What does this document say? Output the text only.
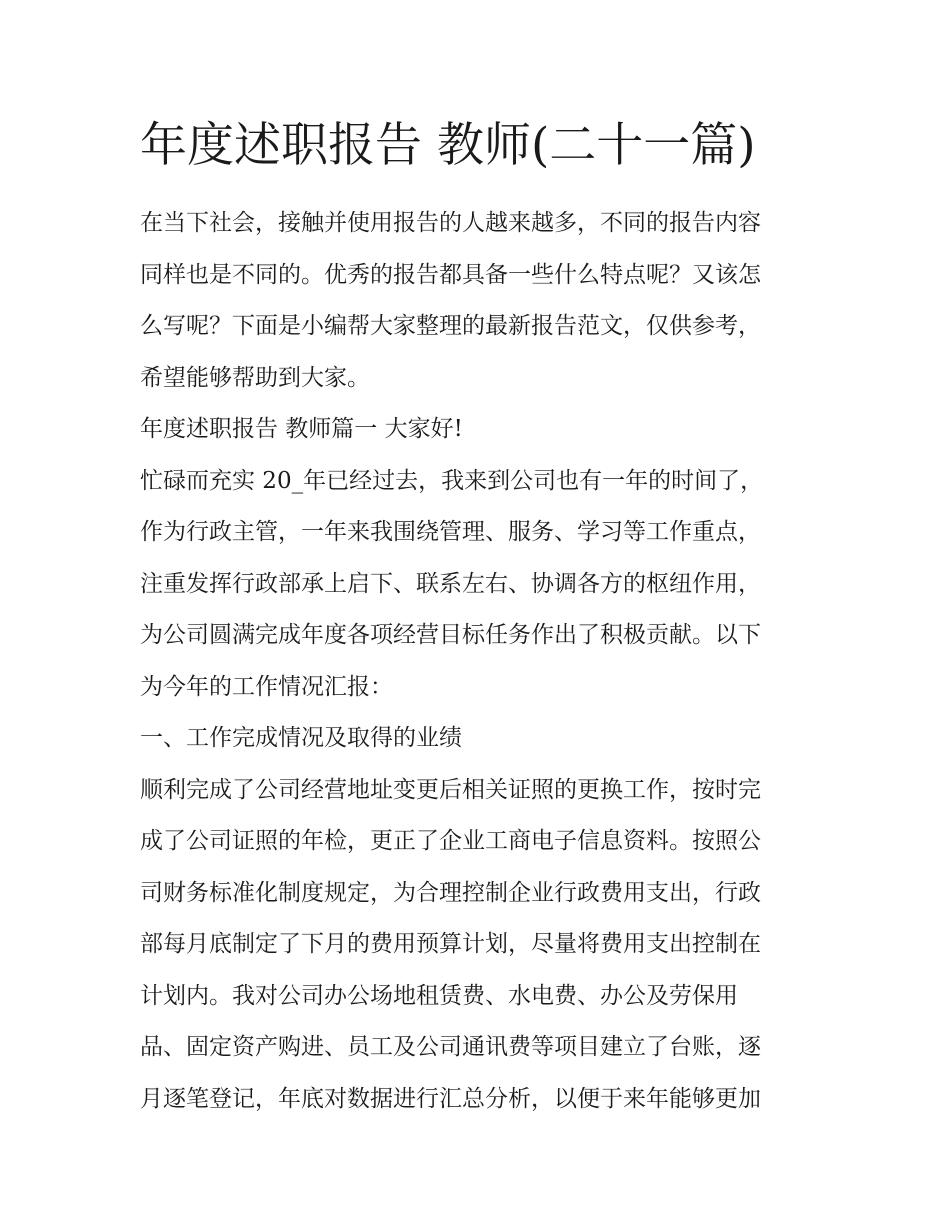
年度述职报告 教师(二十一篇)

在当下社会，接触并使用报告的人越来越多，不同的报告内容

同样也是不同的。优秀的报告都具备一些什么特点呢？又该怎

么写呢？下面是小编帮大家整理的最新报告范文，仅供参考，

希望能够帮助到大家。

年度述职报告 教师篇一 大家好!

忙碌而充实 20_年已经过去，我来到公司也有一年的时间了，

作为行政主管，一年来我围绕管理、服务、学习等工作重点，

注重发挥行政部承上启下、联系左右、协调各方的枢纽作用，

为公司圆满完成年度各项经营目标任务作出了积极贡献。以下

为今年的工作情况汇报：

一、工作完成情况及取得的业绩

顺利完成了公司经营地址变更后相关证照的更换工作，按时完

成了公司证照的年检，更正了企业工商电子信息资料。按照公

司财务标准化制度规定，为合理控制企业行政费用支出，行政

部每月底制定了下月的费用预算计划，尽量将费用支出控制在

计划内。我对公司办公场地租赁费、水电费、办公及劳保用

品、固定资产购进、员工及公司通讯费等项目建立了台账，逐

月逐笔登记，年底对数据进行汇总分析，以便于来年能够更加
